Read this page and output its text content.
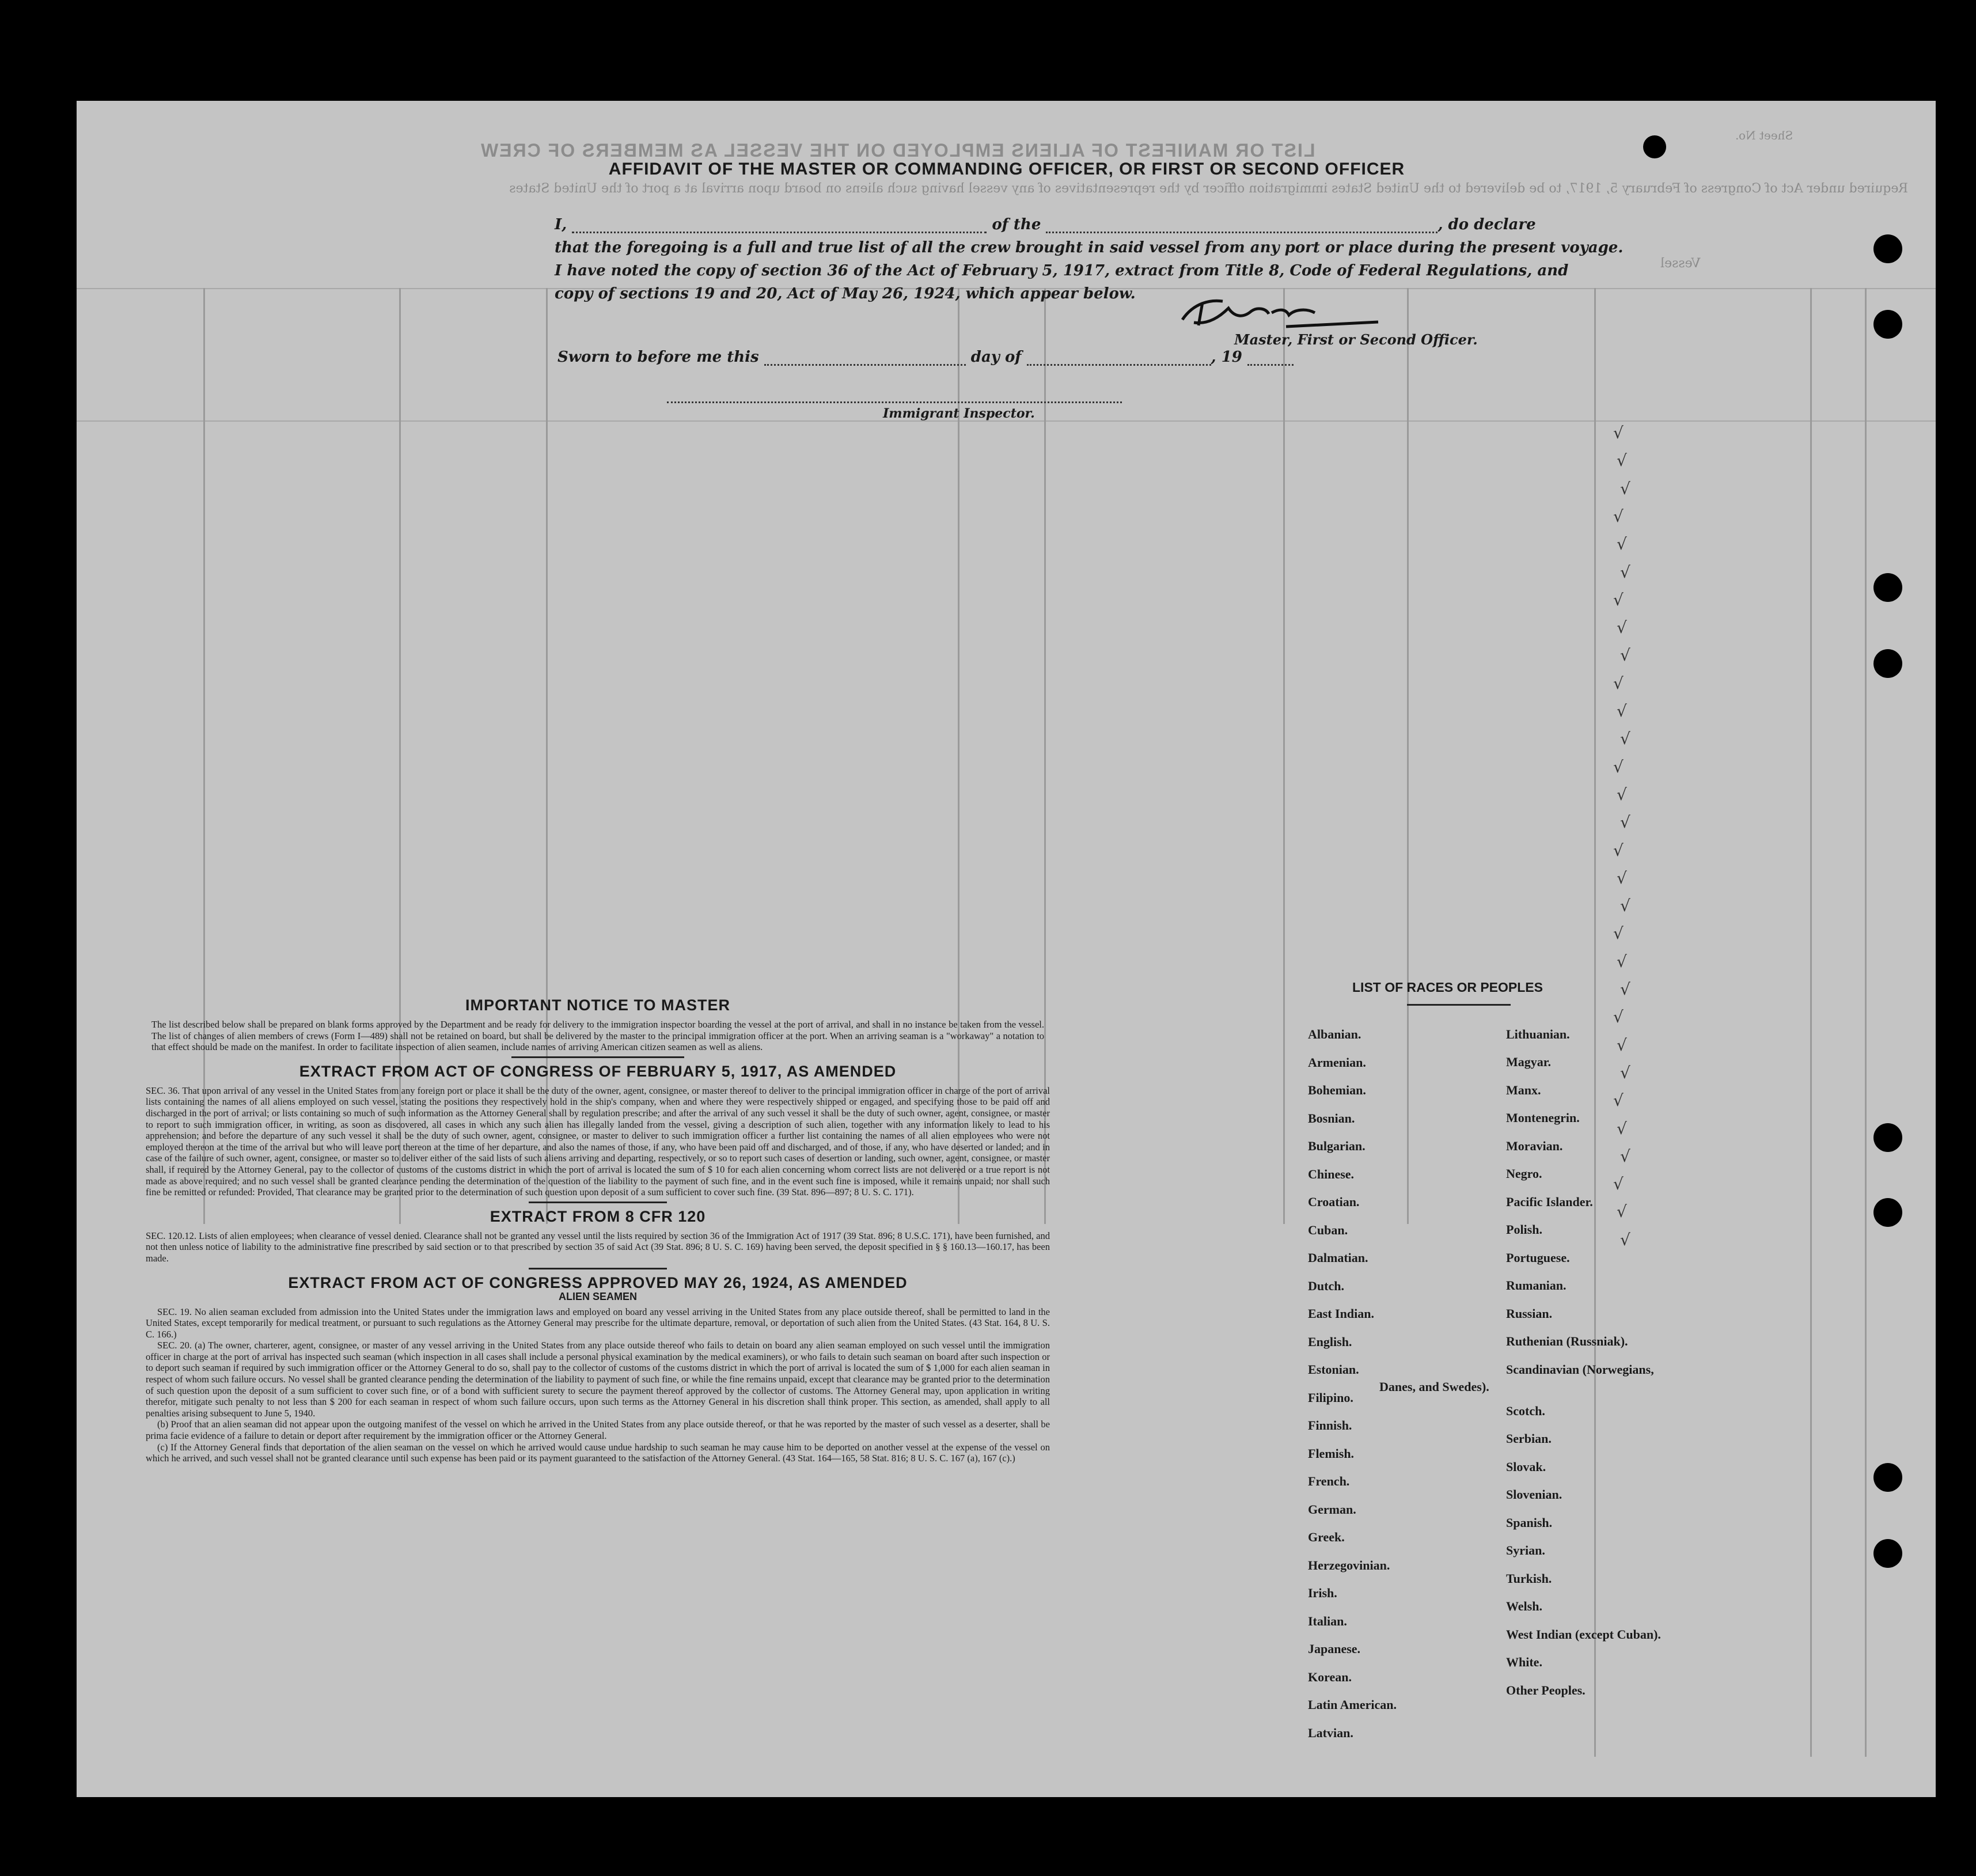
LIST OR MANIFEST OF ALIENS EMPLOYED ON THE VESSEL AS MEMBERS OF CREW
Required under Act of Congress of February 5, 1917, to be delivered to the United States immigration officer by the representatives of any vessel having such aliens on board upon arrival at a port of the United States
Sheet No.
Vessel
AFFIDAVIT OF THE MASTER OR COMMANDING OFFICER, OR FIRST OR SECOND OFFICER
I,	of the	, do declare
that the foregoing is a full and true list of all the crew brought in said vessel from any port or place during the present voyage.
I have noted the copy of section 36 of the Act of February 5, 1917, extract from Title 8, Code of Federal Regulations, and
copy of sections 19 and 20, Act of May 26, 1924, which appear below.
Master, First or Second Officer.
Sworn to before me this	day of	, 19
Immigrant Inspector.

IMPORTANT NOTICE TO MASTER

The list described below shall be prepared on blank forms approved by the Department and be ready for delivery to the immigration inspector boarding the vessel at the port of arrival, and shall in no instance be taken from the vessel. The list of changes of alien members of crews (Form I—489) shall not be retained on board, but shall be delivered by the master to the principal immigration officer at the port. When an arriving seaman is a "workaway" a notation to that effect should be made on the manifest. In order to facilitate inspection of alien seamen, include names of arriving American citizen seamen as well as aliens.

EXTRACT FROM ACT OF CONGRESS OF FEBRUARY 5, 1917, AS AMENDED

SEC. 36. That upon arrival of any vessel in the United States from any foreign port or place it shall be the duty of the owner, agent, consignee, or master thereof to deliver to the principal immigration officer in charge of the port of arrival lists containing the names of all aliens employed on such vessel, stating the positions they respectively hold in the ship's company, when and where they were respectively shipped or engaged, and specifying those to be paid off and discharged in the port of arrival; or lists containing so much of such information as the Attorney General shall by regulation prescribe; and after the arrival of any such vessel it shall be the duty of such owner, agent, consignee, or master to report to such immigration officer, in writing, as soon as discovered, all cases in which any such alien has illegally landed from the vessel, giving a description of such alien, together with any information likely to lead to his apprehension; and before the departure of any such vessel it shall be the duty of such owner, agent, consignee, or master to deliver to such immigration officer a further list containing the names of all alien employees who were not employed thereon at the time of the arrival but who will leave port thereon at the time of her departure, and also the names of those, if any, who have been paid off and discharged, and of those, if any, who have deserted or landed; and in case of the failure of such owner, agent, consignee, or master so to deliver either of the said lists of such aliens arriving and departing, respectively, or so to report such cases of desertion or landing, such owner, agent, consignee, or master shall, if required by the Attorney General, pay to the collector of customs of the customs district in which the port of arrival is located the sum of $ 10 for each alien concerning whom correct lists are not delivered or a true report is not made as above required; and no such vessel shall be granted clearance pending the determination of the question of the liability to the payment of such fine, and in the event such fine is imposed, while it remains unpaid; nor shall such fine be remitted or refunded: Provided, That clearance may be granted prior to the determination of such question upon deposit of a sum sufficient to cover such fine. (39 Stat. 896—897; 8 U. S. C. 171).

EXTRACT FROM 8 CFR 120

SEC. 120.12. Lists of alien employees; when clearance of vessel denied. Clearance shall not be granted any vessel until the lists required by section 36 of the Immigration Act of 1917 (39 Stat. 896; 8 U.S.C. 171), have been furnished, and not then unless notice of liability to the administrative fine prescribed by said section or to that prescribed by section 35 of said Act (39 Stat. 896; 8 U. S. C. 169) having been served, the deposit specified in § § 160.13—160.17, has been made.

EXTRACT FROM ACT OF CONGRESS APPROVED MAY 26, 1924, AS AMENDED

ALIEN SEAMEN

SEC. 19. No alien seaman excluded from admission into the United States under the immigration laws and employed on board any vessel arriving in the United States from any place outside thereof, shall be permitted to land in the United States, except temporarily for medical treatment, or pursuant to such regulations as the Attorney General may prescribe for the ultimate departure, removal, or deportation of such alien from the United States. (43 Stat. 164, 8 U. S. C. 166.)

SEC. 20. (a) The owner, charterer, agent, consignee, or master of any vessel arriving in the United States from any place outside thereof who fails to detain on board any alien seaman employed on such vessel until the immigration officer in charge at the port of arrival has inspected such seaman (which inspection in all cases shall include a personal physical examination by the medical examiners), or who fails to detain such seaman on board after such inspection or to deport such seaman if required by such immigration officer or the Attorney General to do so, shall pay to the collector of customs of the customs district in which the port of arrival is located the sum of $ 1,000 for each alien seaman in respect of whom such failure occurs. No vessel shall be granted clearance pending the determination of the liability to payment of such fine, or while the fine remains unpaid, except that clearance may be granted prior to the determination of such question upon the deposit of a sum sufficient to cover such fine, or of a bond with sufficient surety to secure the payment thereof approved by the collector of customs. The Attorney General may, upon application in writing therefor, mitigate such penalty to not less than $ 200 for each seaman in respect of whom such failure occurs, upon such terms as the Attorney General in his discretion shall think proper. This section, as amended, shall apply to all penalties arising subsequent to June 5, 1940.

(b) Proof that an alien seaman did not appear upon the outgoing manifest of the vessel on which he arrived in the United States from any place outside thereof, or that he was reported by the master of such vessel as a deserter, shall be prima facie evidence of a failure to detain or deport after requirement by the immigration officer or the Attorney General.

(c) If the Attorney General finds that deportation of the alien seaman on the vessel on which he arrived would cause undue hardship to such seaman he may cause him to be deported on another vessel at the expense of the vessel on which he arrived, and such vessel shall not be granted clearance until such expense has been paid or its payment guaranteed to the satisfaction of the Attorney General. (43 Stat. 164—165, 58 Stat. 816; 8 U. S. C. 167 (a), 167 (c).)

LIST OF RACES OR PEOPLES
Albanian.
Armenian.
Bohemian.
Bosnian.
Bulgarian.
Chinese.
Croatian.
Cuban.
Dalmatian.
Dutch.
East Indian.
English.
Estonian.
Filipino.
Finnish.
Flemish.
French.
German.
Greek.
Herzegovinian.
Irish.
Italian.
Japanese.
Korean.
Latin American.
Latvian.
Lithuanian.
Magyar.
Manx.
Montenegrin.
Moravian.
Negro.
Pacific Islander.
Polish.
Portuguese.
Rumanian.
Russian.
Ruthenian (Russniak).
Scandinavian (Norwegians,
Danes, and Swedes).
Scotch.
Serbian.
Slovak.
Slovenian.
Spanish.
Syrian.
Turkish.
Welsh.
West Indian (except Cuban).
White.
Other Peoples.
√
√
√
√
√
√
√
√
√
√
√
√
√
√
√
√
√
√
√
√
√
√
√
√
√
√
√
√
√
√
